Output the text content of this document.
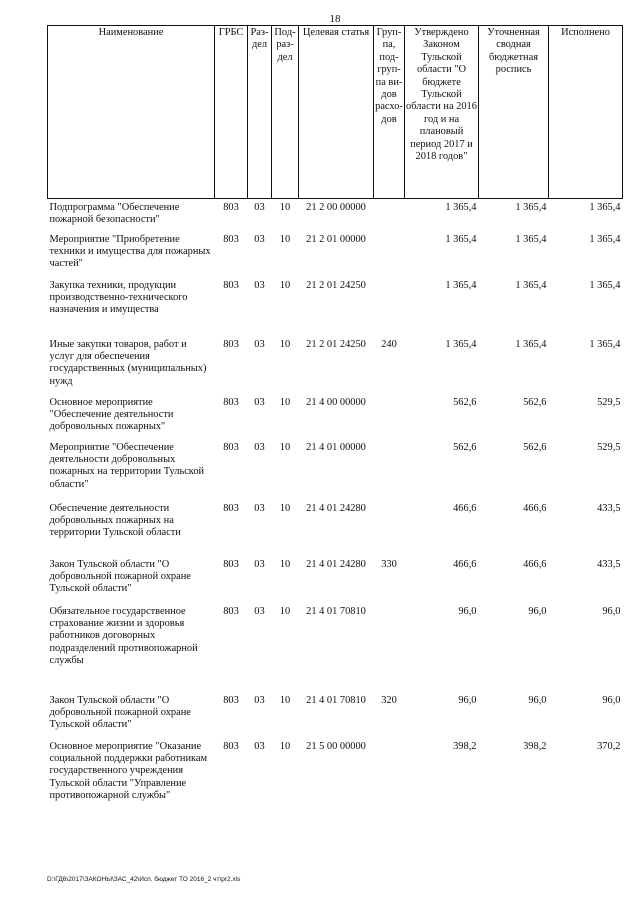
18
Наименование	ГРБС	Раз-дел	Под-раз-дел	Целевая статья	Груп-па, под-груп-па ви-дов расхо-дов	Утверждено Законом Тульской области "О бюджете Тульской области на 2016 год и на плановый период 2017 и 2018 годов"	Уточненная сводная бюджетная роспись	Исполнено
Подпрограмма "Обеспечение пожарной безопасности"	803	03	10	21 2 00 00000		1 365,4	1 365,4	1 365,4
Мероприятие "Приобретение техники и имущества для пожарных частей"	803	03	10	21 2 01 00000		1 365,4	1 365,4	1 365,4
Закупка техники, продукции производственно-технического назначения и имущества	803	03	10	21 2 01 24250		1 365,4	1 365,4	1 365,4
Иные закупки товаров, работ и услуг для обеспечения государственных (муниципальных) нужд	803	03	10	21 2 01 24250	240	1 365,4	1 365,4	1 365,4
Основное мероприятие "Обеспечение деятельности добровольных пожарных"	803	03	10	21 4 00 00000		562,6	562,6	529,5
Мероприятие "Обеспечение деятельности добровольных пожарных на территории Тульской области"	803	03	10	21 4 01 00000		562,6	562,6	529,5
Обеспечение деятельности добровольных пожарных на территории Тульской области	803	03	10	21 4 01 24280		466,6	466,6	433,5
Закон Тульской области "О добровольной пожарной охране Тульской области"	803	03	10	21 4 01 24280	330	466,6	466,6	433,5
Обязательное государственное страхование жизни и здоровья работников договорных подразделений противопожарной службы	803	03	10	21 4 01 70810		96,0	96,0	96,0
Закон Тульской области "О добровольной пожарной охране Тульской области"	803	03	10	21 4 01 70810	320	96,0	96,0	96,0
Основное мероприятие "Оказание социальной поддержки работникам государственного учреждения Тульской области "Управление противопожарной службы"	803	03	10	21 5 00 00000		398,2	398,2	370,2
D:\ГД6\2017\ЗАКОНЫ\ЗАС_42\Исп. бюджет ТО 2016_2 чт\pr2.xls
